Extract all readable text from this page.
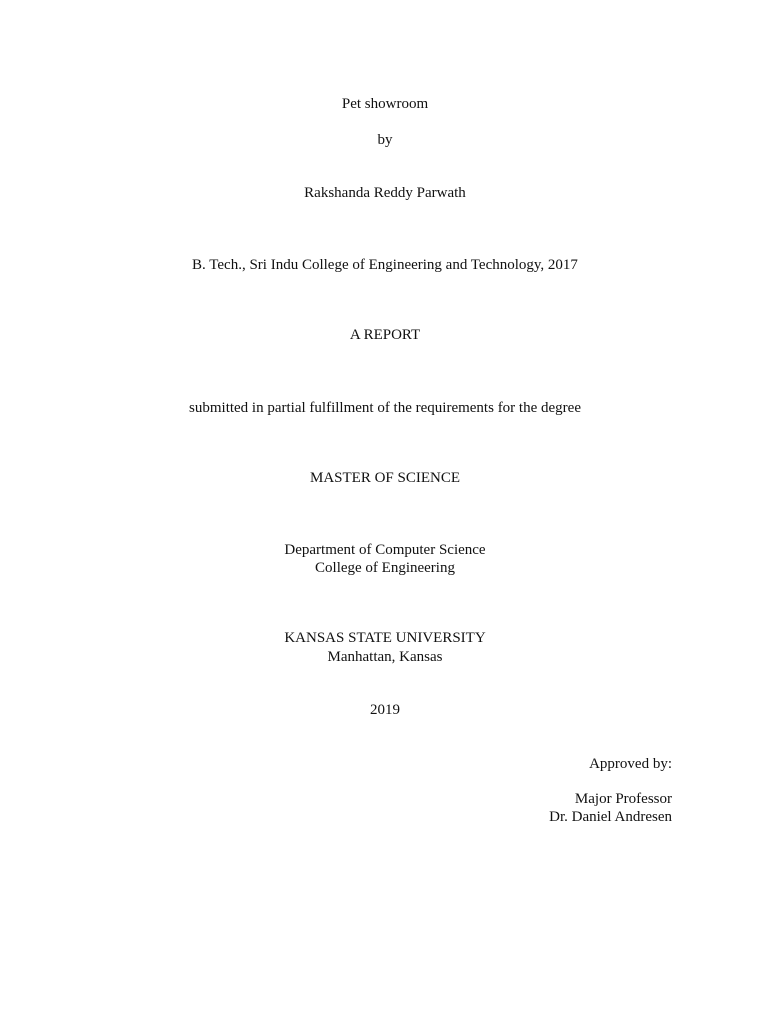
Pet showroom
by
Rakshanda Reddy Parwath
B. Tech., Sri Indu College of Engineering and Technology, 2017
A REPORT
submitted in partial fulfillment of the requirements for the degree
MASTER OF SCIENCE
Department of Computer Science
College of Engineering
KANSAS STATE UNIVERSITY
Manhattan, Kansas
2019
Approved by:
Major Professor
Dr. Daniel Andresen
